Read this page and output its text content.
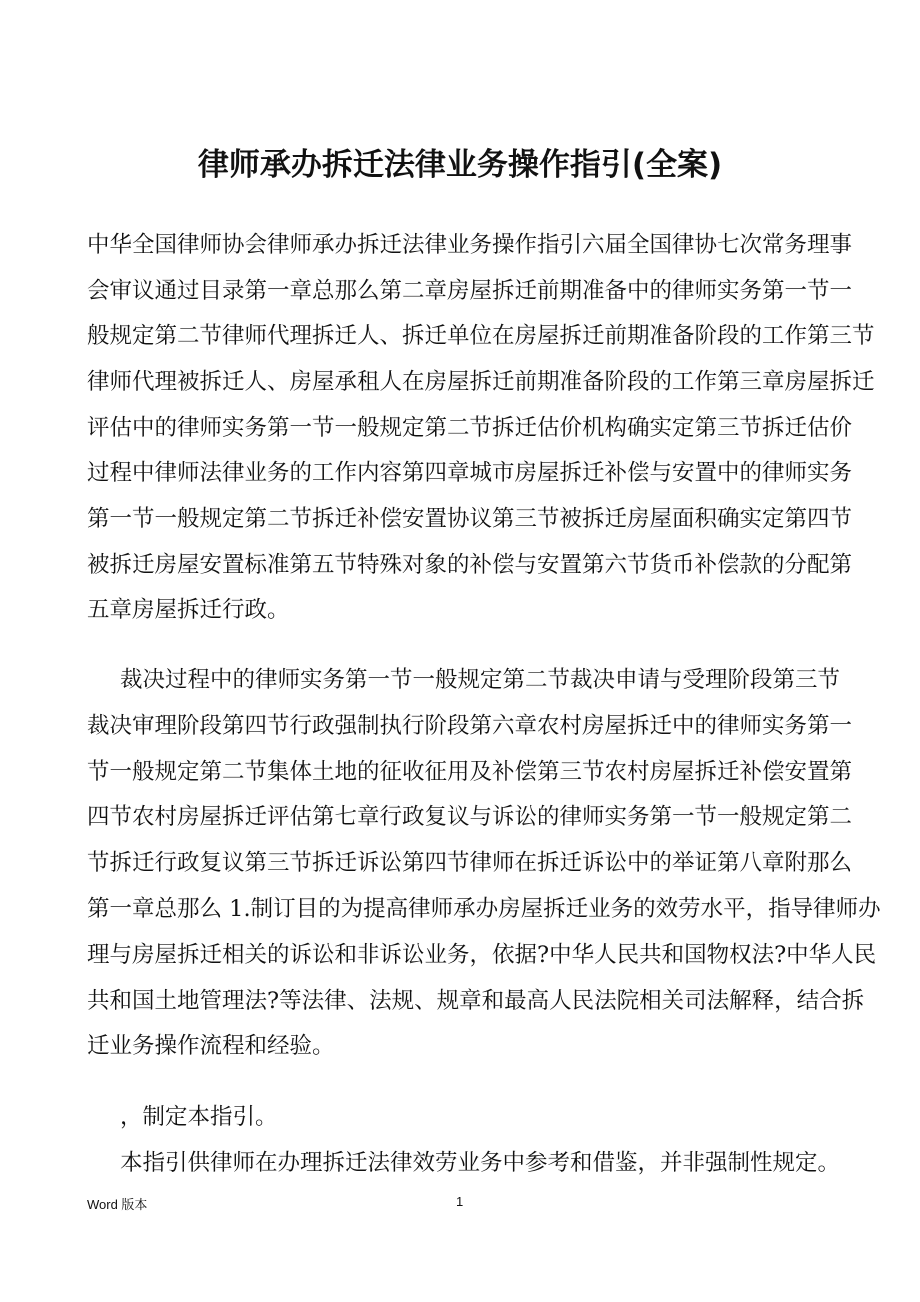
律师承办拆迁法律业务操作指引(全案)
中华全国律师协会律师承办拆迁法律业务操作指引六届全国律协七次常务理事
会审议通过目录第一章总那么第二章房屋拆迁前期准备中的律师实务第一节一
般规定第二节律师代理拆迁人、拆迁单位在房屋拆迁前期准备阶段的工作第三节
律师代理被拆迁人、房屋承租人在房屋拆迁前期准备阶段的工作第三章房屋拆迁
评估中的律师实务第一节一般规定第二节拆迁估价机构确实定第三节拆迁估价
过程中律师法律业务的工作内容第四章城市房屋拆迁补偿与安置中的律师实务
第一节一般规定第二节拆迁补偿安置协议第三节被拆迁房屋面积确实定第四节
被拆迁房屋安置标准第五节特殊对象的补偿与安置第六节货币补偿款的分配第
五章房屋拆迁行政。
裁决过程中的律师实务第一节一般规定第二节裁决申请与受理阶段第三节
裁决审理阶段第四节行政强制执行阶段第六章农村房屋拆迁中的律师实务第一
节一般规定第二节集体土地的征收征用及补偿第三节农村房屋拆迁补偿安置第
四节农村房屋拆迁评估第七章行政复议与诉讼的律师实务第一节一般规定第二
节拆迁行政复议第三节拆迁诉讼第四节律师在拆迁诉讼中的举证第八章附那么
第一章总那么 1.制订目的为提高律师承办房屋拆迁业务的效劳水平，指导律师办
理与房屋拆迁相关的诉讼和非诉讼业务，依据?中华人民共和国物权法?中华人民
共和国土地管理法?等法律、法规、规章和最高人民法院相关司法解释，结合拆
迁业务操作流程和经验。
，制定本指引。
本指引供律师在办理拆迁法律效劳业务中参考和借鉴，并非强制性规定。
Word 版本	1
